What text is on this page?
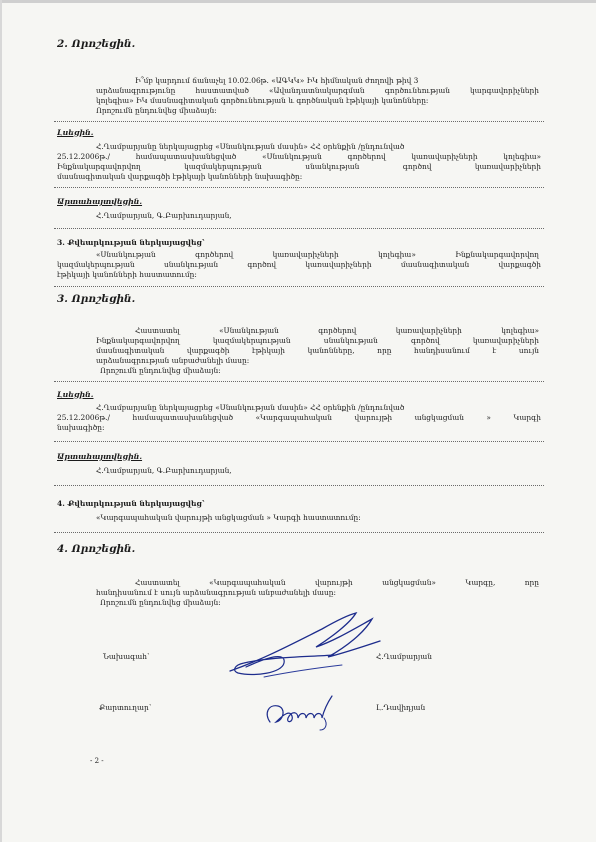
2. Որոշեցին.
Ի՞մբ կարդում ճանաչել 10.02.06թ. «ԱԳԿԿ» ԻԿ հիմնական ժողովի թիվ 3
արձանագրությունը հաստատված «Ավանդատնակարգման գործունեության կարգավորիչների
կոլեգիա» ԻԿ մասնագիտական գործունեության և գործնական էթիկայի կանոնները:
Որոշումն ընդունվեց միաձայն:
Լսեցին.
Հ.Ղամբարյանը ներկայացրեց «Սնանկության մասին» ՀՀ օրենքին /ընդունված
25.12.2006թ./ համապատասխանեցված «Սնանկության գործերով կառավարիչների կոլեգիա»
Ինքնակարգավորվող կազմակերպության սնանկության գործով կառավարիչների
մասնագիտական վարքագծի էթիկայի կանոնների նախագիծը:
Արտահայտվեցին.
Հ.Ղամբարյան, Գ.Բարխուդարյան,
3. Քվեարկության ներկայացվեց՝
«Սնանկության գործերով կառավարիչների կոլեգիա» Ինքնակարգավորվող
կազմակերպության սնանկության գործով կառավարիչների մասնագիտական վարքագծի
էթիկայի կանոնների հաստատումը:
3. Որոշեցին.
Հաստատել «Սնանկության գործերով կառավարիչների կոլեգիա»
Ինքնակարգավորվող կազմակերպության սնանկության գործով կառավարիչների
մասնագիտական վարքագծի էթիկայի կանոնները, որը հանդիսանում է սույն
արձանագրության անբաժանելի մասը:
Որոշումն ընդունվեց միաձայն:
Լսեցին.
Հ.Ղամբարյանը ներկայացրեց «Սնանկության մասին» ՀՀ օրենքին /ընդունված
25.12.2006թ./ համապատասխանեցված «Կարգապահական վարույթի անցկացման » Կարգի
նախագիծը:
Արտահայտվեցին.
Հ.Ղամբարյան, Գ.Բարխուդարյան,
4. Քվեարկության ներկայացվեց՝
«Կարգապահական վարույթի անցկացման » Կարգի հաստատումը:
4. Որոշեցին.
Հաստատել «Կարգապահական վարույթի անցկացման» Կարգը, որը
հանդիսանում է սույն արձանագրության անբաժանելի մասը:
Որոշումն ընդունվեց միաձայն:
Նախագահ՝	Հ.Ղամբարյան
Քարտուղար՝	Լ.Դավիդյան
- 2 -
